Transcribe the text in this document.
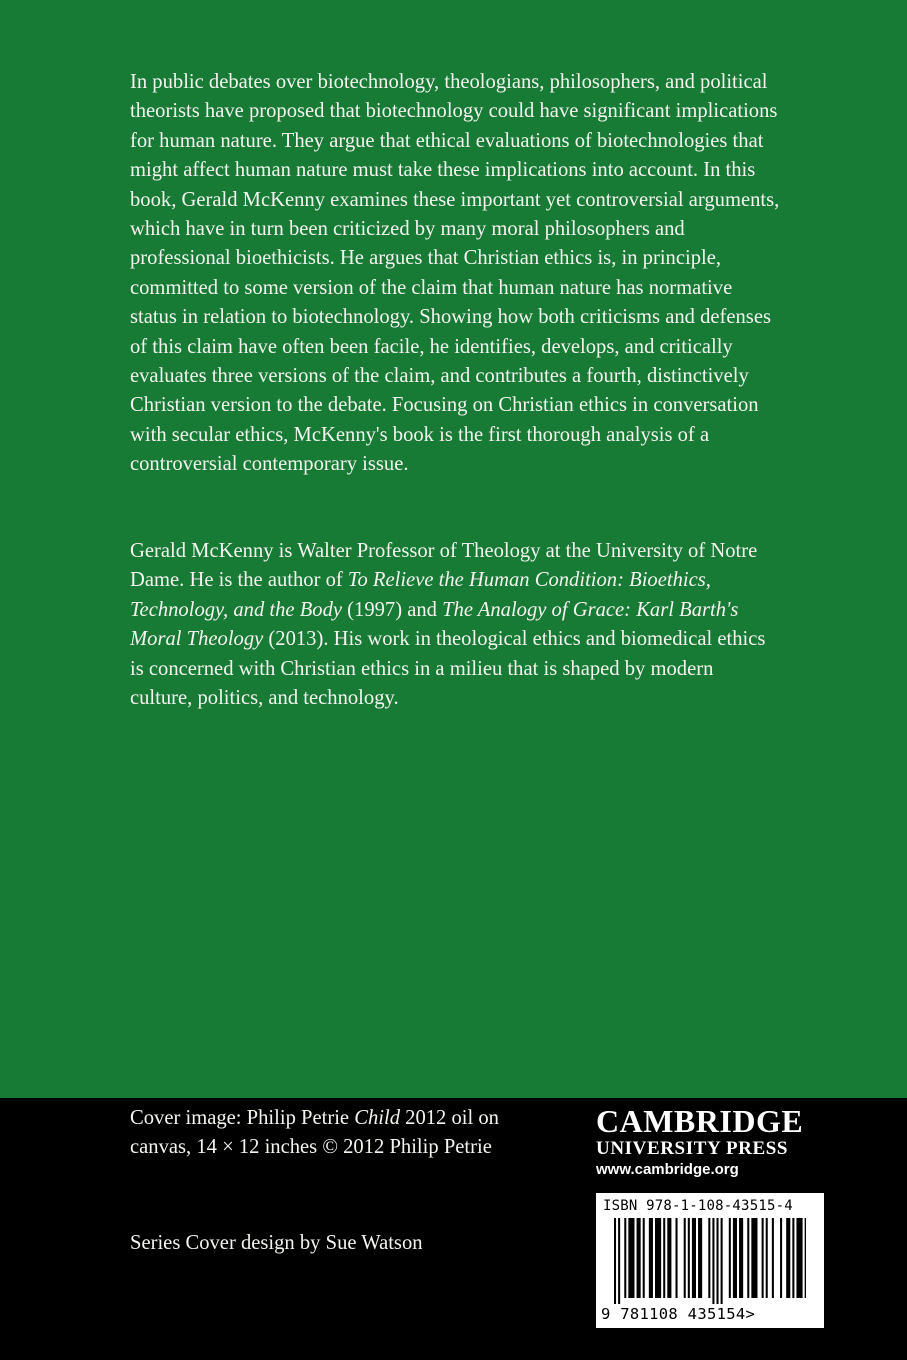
In public debates over biotechnology, theologians, philosophers, and political theorists have proposed that biotechnology could have significant implications for human nature. They argue that ethical evaluations of biotechnologies that might affect human nature must take these implications into account. In this book, Gerald McKenny examines these important yet controversial arguments, which have in turn been criticized by many moral philosophers and professional bioethicists. He argues that Christian ethics is, in principle, committed to some version of the claim that human nature has normative status in relation to biotechnology. Showing how both criticisms and defenses of this claim have often been facile, he identifies, develops, and critically evaluates three versions of the claim, and contributes a fourth, distinctively Christian version to the debate. Focusing on Christian ethics in conversation with secular ethics, McKenny's book is the first thorough analysis of a controversial contemporary issue.

Gerald McKenny is Walter Professor of Theology at the University of Notre Dame. He is the author of To Relieve the Human Condition: Bioethics, Technology, and the Body (1997) and The Analogy of Grace: Karl Barth's Moral Theology (2013). His work in theological ethics and biomedical ethics is concerned with Christian ethics in a milieu that is shaped by modern culture, politics, and technology.

Cover image: Philip Petrie Child 2012 oil on canvas, 14 × 12 inches © 2012 Philip Petrie

Series Cover design by Sue Watson

CAMBRIDGE
UNIVERSITY PRESS
www.cambridge.org
ISBN 978-1-108-43515-4
9 781108 435154>
